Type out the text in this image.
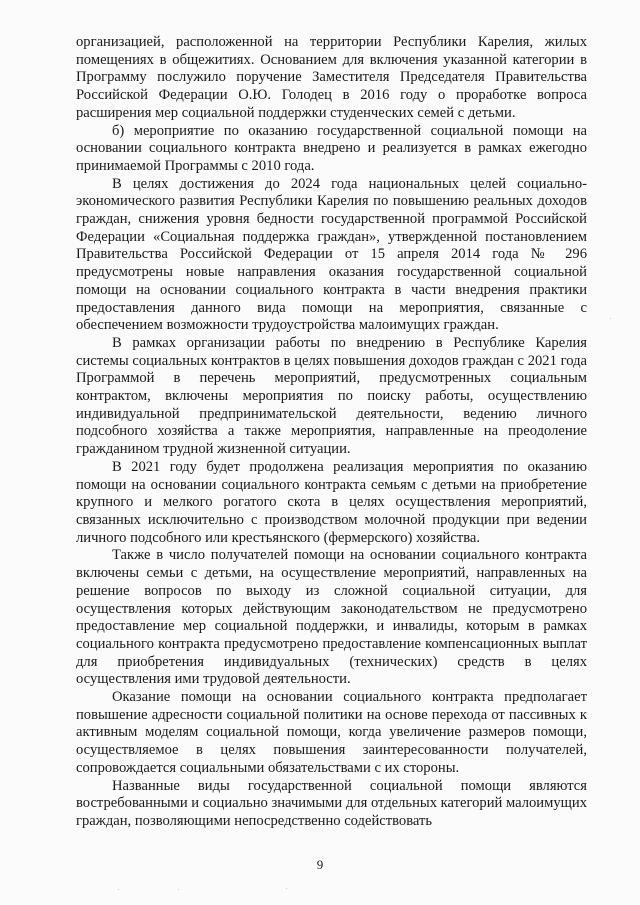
организацией, расположенной на территории Республики Карелия, жилых помещениях в общежитиях. Основанием для включения указанной категории в Программу послужило поручение Заместителя Председателя Правительства Российской Федерации О.Ю. Голодец в 2016 году о проработке вопроса расширения мер социальной поддержки студенческих семей с детьми.

б) мероприятие по оказанию государственной социальной помощи на основании социального контракта внедрено и реализуется в рамках ежегодно принимаемой Программы с 2010 года.

В целях достижения до 2024 года национальных целей социально-экономического развития Республики Карелия по повышению реальных доходов граждан, снижения уровня бедности государственной программой Российской Федерации «Социальная поддержка граждан», утвержденной постановлением Правительства Российской Федерации от 15 апреля 2014 года № 296 предусмотрены новые направления оказания государственной социальной помощи на основании социального контракта в части внедрения практики предоставления данного вида помощи на мероприятия, связанные с обеспечением возможности трудоустройства малоимущих граждан.

В рамках организации работы по внедрению в Республике Карелия системы социальных контрактов в целях повышения доходов граждан с 2021 года Программой в перечень мероприятий, предусмотренных социальным контрактом, включены мероприятия по поиску работы, осуществлению индивидуальной предпринимательской деятельности, ведению личного подсобного хозяйства а также мероприятия, направленные на преодоление гражданином трудной жизненной ситуации.

В 2021 году будет продолжена реализация мероприятия по оказанию помощи на основании социального контракта семьям с детьми на приобретение крупного и мелкого рогатого скота в целях осуществления мероприятий, связанных исключительно с производством молочной продукции при ведении личного подсобного или крестьянского (фермерского) хозяйства.

Также в число получателей помощи на основании социального контракта включены семьи с детьми, на осуществление мероприятий, направленных на решение вопросов по выходу из сложной социальной ситуации, для осуществления которых действующим законодательством не предусмотрено предоставление мер социальной поддержки, и инвалиды, которым в рамках социального контракта предусмотрено предоставление компенсационных выплат для приобретения индивидуальных (технических) средств в целях осуществления ими трудовой деятельности.

Оказание помощи на основании социального контракта предполагает повышение адресности социальной политики на основе перехода от пассивных к активным моделям социальной помощи, когда увеличение размеров помощи, осуществляемое в целях повышения заинтересованности получателей, сопровождается социальными обязательствами с их стороны.

Названные виды государственной социальной помощи являются востребованными и социально значимыми для отдельных категорий малоимущих граждан, позволяющими непосредственно содействовать

9
